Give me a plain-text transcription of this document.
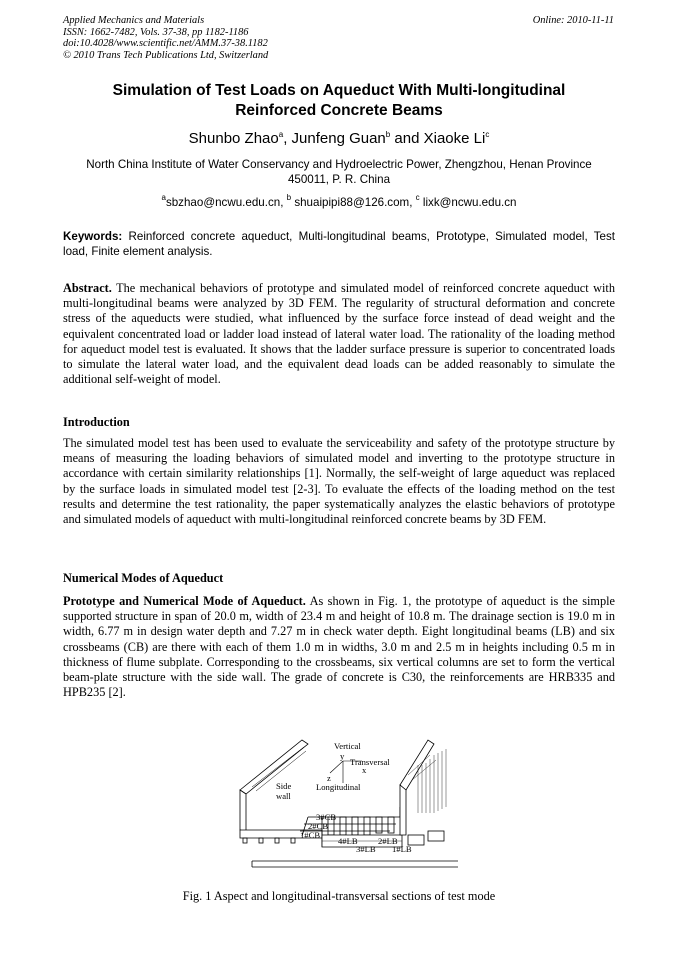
Applied Mechanics and Materials
ISSN: 1662-7482, Vols. 37-38, pp 1182-1186
doi:10.4028/www.scientific.net/AMM.37-38.1182
© 2010 Trans Tech Publications Ltd, Switzerland
Online: 2010-11-11
Simulation of Test Loads on Aqueduct With Multi-longitudinal
Reinforced Concrete Beams
Shunbo Zhao$^a$, Junfeng Guan$^b$ and Xiaoke Li$^c$
North China Institute of Water Conservancy and Hydroelectric Power, Zhengzhou, Henan Province
450011, P. R. China
$^a$sbzhao@ncwu.edu.cn, $^b$ shuaipipi88@126.com, $^c$ lixk@ncwu.edu.cn
Keywords: Reinforced concrete aqueduct, Multi-longitudinal beams, Prototype, Simulated model, Test load, Finite element analysis.
Abstract. The mechanical behaviors of prototype and simulated model of reinforced concrete aqueduct with multi-longitudinal beams were analyzed by 3D FEM. The regularity of structural deformation and concrete stress of the aqueducts were studied, what influenced by the surface force instead of dead weight and the equivalent concentrated load or ladder load instead of lateral water load. The rationality of the loading method for aqueduct model test is evaluated. It shows that the ladder surface pressure is superior to concentrated loads to simulate the lateral water load, and the equivalent dead loads can be added reasonably to simulate the additional self-weight of model.
Introduction
The simulated model test has been used to evaluate the serviceability and safety of the prototype structure by means of measuring the loading behaviors of simulated model and inverting to the prototype structure in accordance with certain similarity relationships [1]. Normally, the self-weight of large aqueduct was replaced by the surface loads in simulated model test [2-3]. To evaluate the effects of the loading method on the test results and determine the test rationality, the paper systematically analyzes the elastic behaviors of prototype and simulated models of aqueduct with multi-longitudinal reinforced concrete beams by 3D FEM.
Numerical Modes of Aqueduct
Prototype and Numerical Mode of Aqueduct. As shown in Fig. 1, the prototype of aqueduct is the simple supported structure in span of 20.0 m, width of 23.4 m and height of 10.8 m. The drainage section is 19.0 m in width, 6.77 m in design water depth and 7.27 m in check water depth. Eight longitudinal beams (LB) and six crossbeams (CB) are there with each of them 1.0 m in widths, 3.0 m and 2.5 m in heights including 0.5 m in thickness of flume subplate. Corresponding to the crossbeams, six vertical columns are set to form the vertical beam-plate structure with the side wall. The grade of concrete is C30, the reinforcements are HRB335 and HPB235 [2].
Vertical
y
Transversal
x
z
Longitudinal
Side
wall
3#CB
2#CB
1#CB
4#LB 2#LB
3#LB 1#LB
Fig. 1 Aspect and longitudinal-transversal sections of test mode
